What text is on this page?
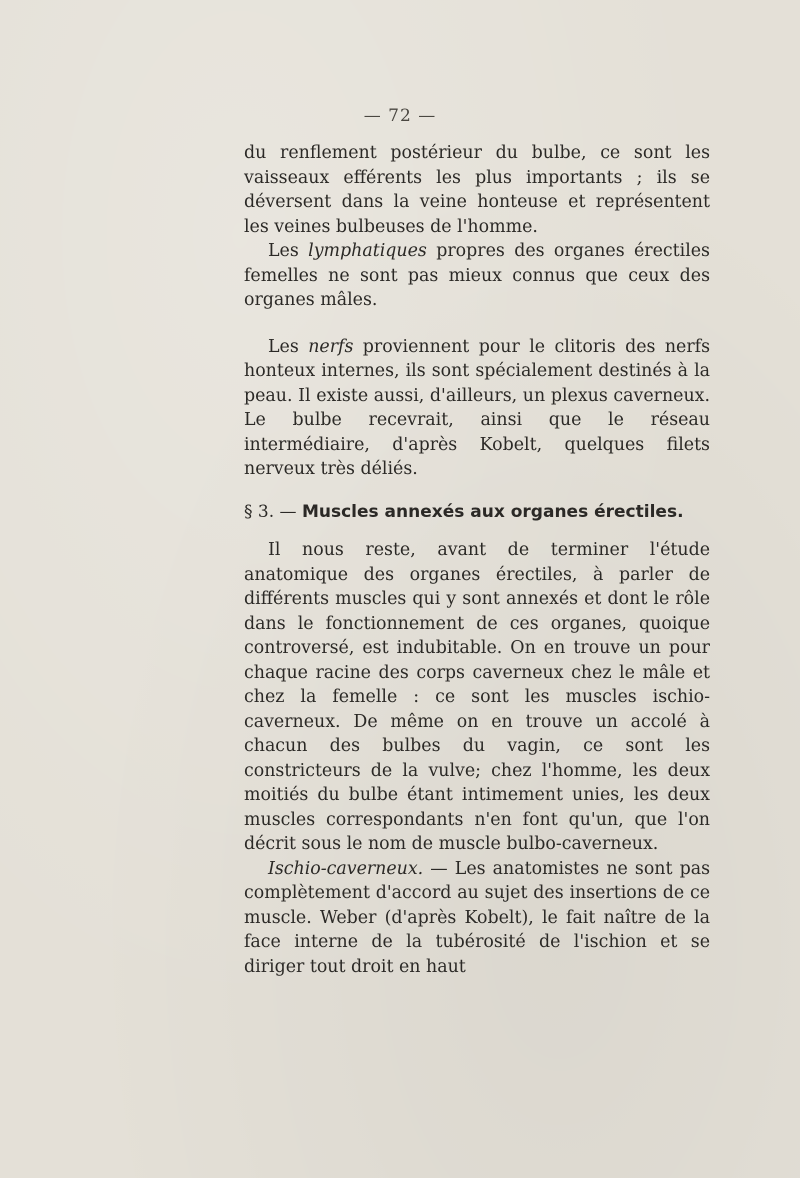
— 72 —

du renflement postérieur du bulbe, ce sont les vaisseaux efférents les plus importants ; ils se déversent dans la veine honteuse et représentent les veines bulbeuses de l'homme.

Les lymphatiques propres des organes érectiles femelles ne sont pas mieux connus que ceux des organes mâles.

Les nerfs proviennent pour le clitoris des nerfs honteux internes, ils sont spécialement destinés à la peau. Il existe aussi, d'ailleurs, un plexus caverneux. Le bulbe recevrait, ainsi que le réseau intermédiaire, d'après Kobelt, quelques filets nerveux très déliés.

§ 3. — Muscles annexés aux organes érectiles.

Il nous reste, avant de terminer l'étude anatomique des organes érectiles, à parler de différents muscles qui y sont annexés et dont le rôle dans le fonctionnement de ces organes, quoique controversé, est indubitable. On en trouve un pour chaque racine des corps caverneux chez le mâle et chez la femelle : ce sont les muscles ischio-caverneux. De même on en trouve un accolé à chacun des bulbes du vagin, ce sont les constricteurs de la vulve; chez l'homme, les deux moitiés du bulbe étant intimement unies, les deux muscles correspondants n'en font qu'un, que l'on décrit sous le nom de muscle bulbo-caverneux.

Ischio-caverneux. — Les anatomistes ne sont pas complètement d'accord au sujet des insertions de ce muscle. Weber (d'après Kobelt), le fait naître de la face interne de la tubérosité de l'ischion et se diriger tout droit en haut
